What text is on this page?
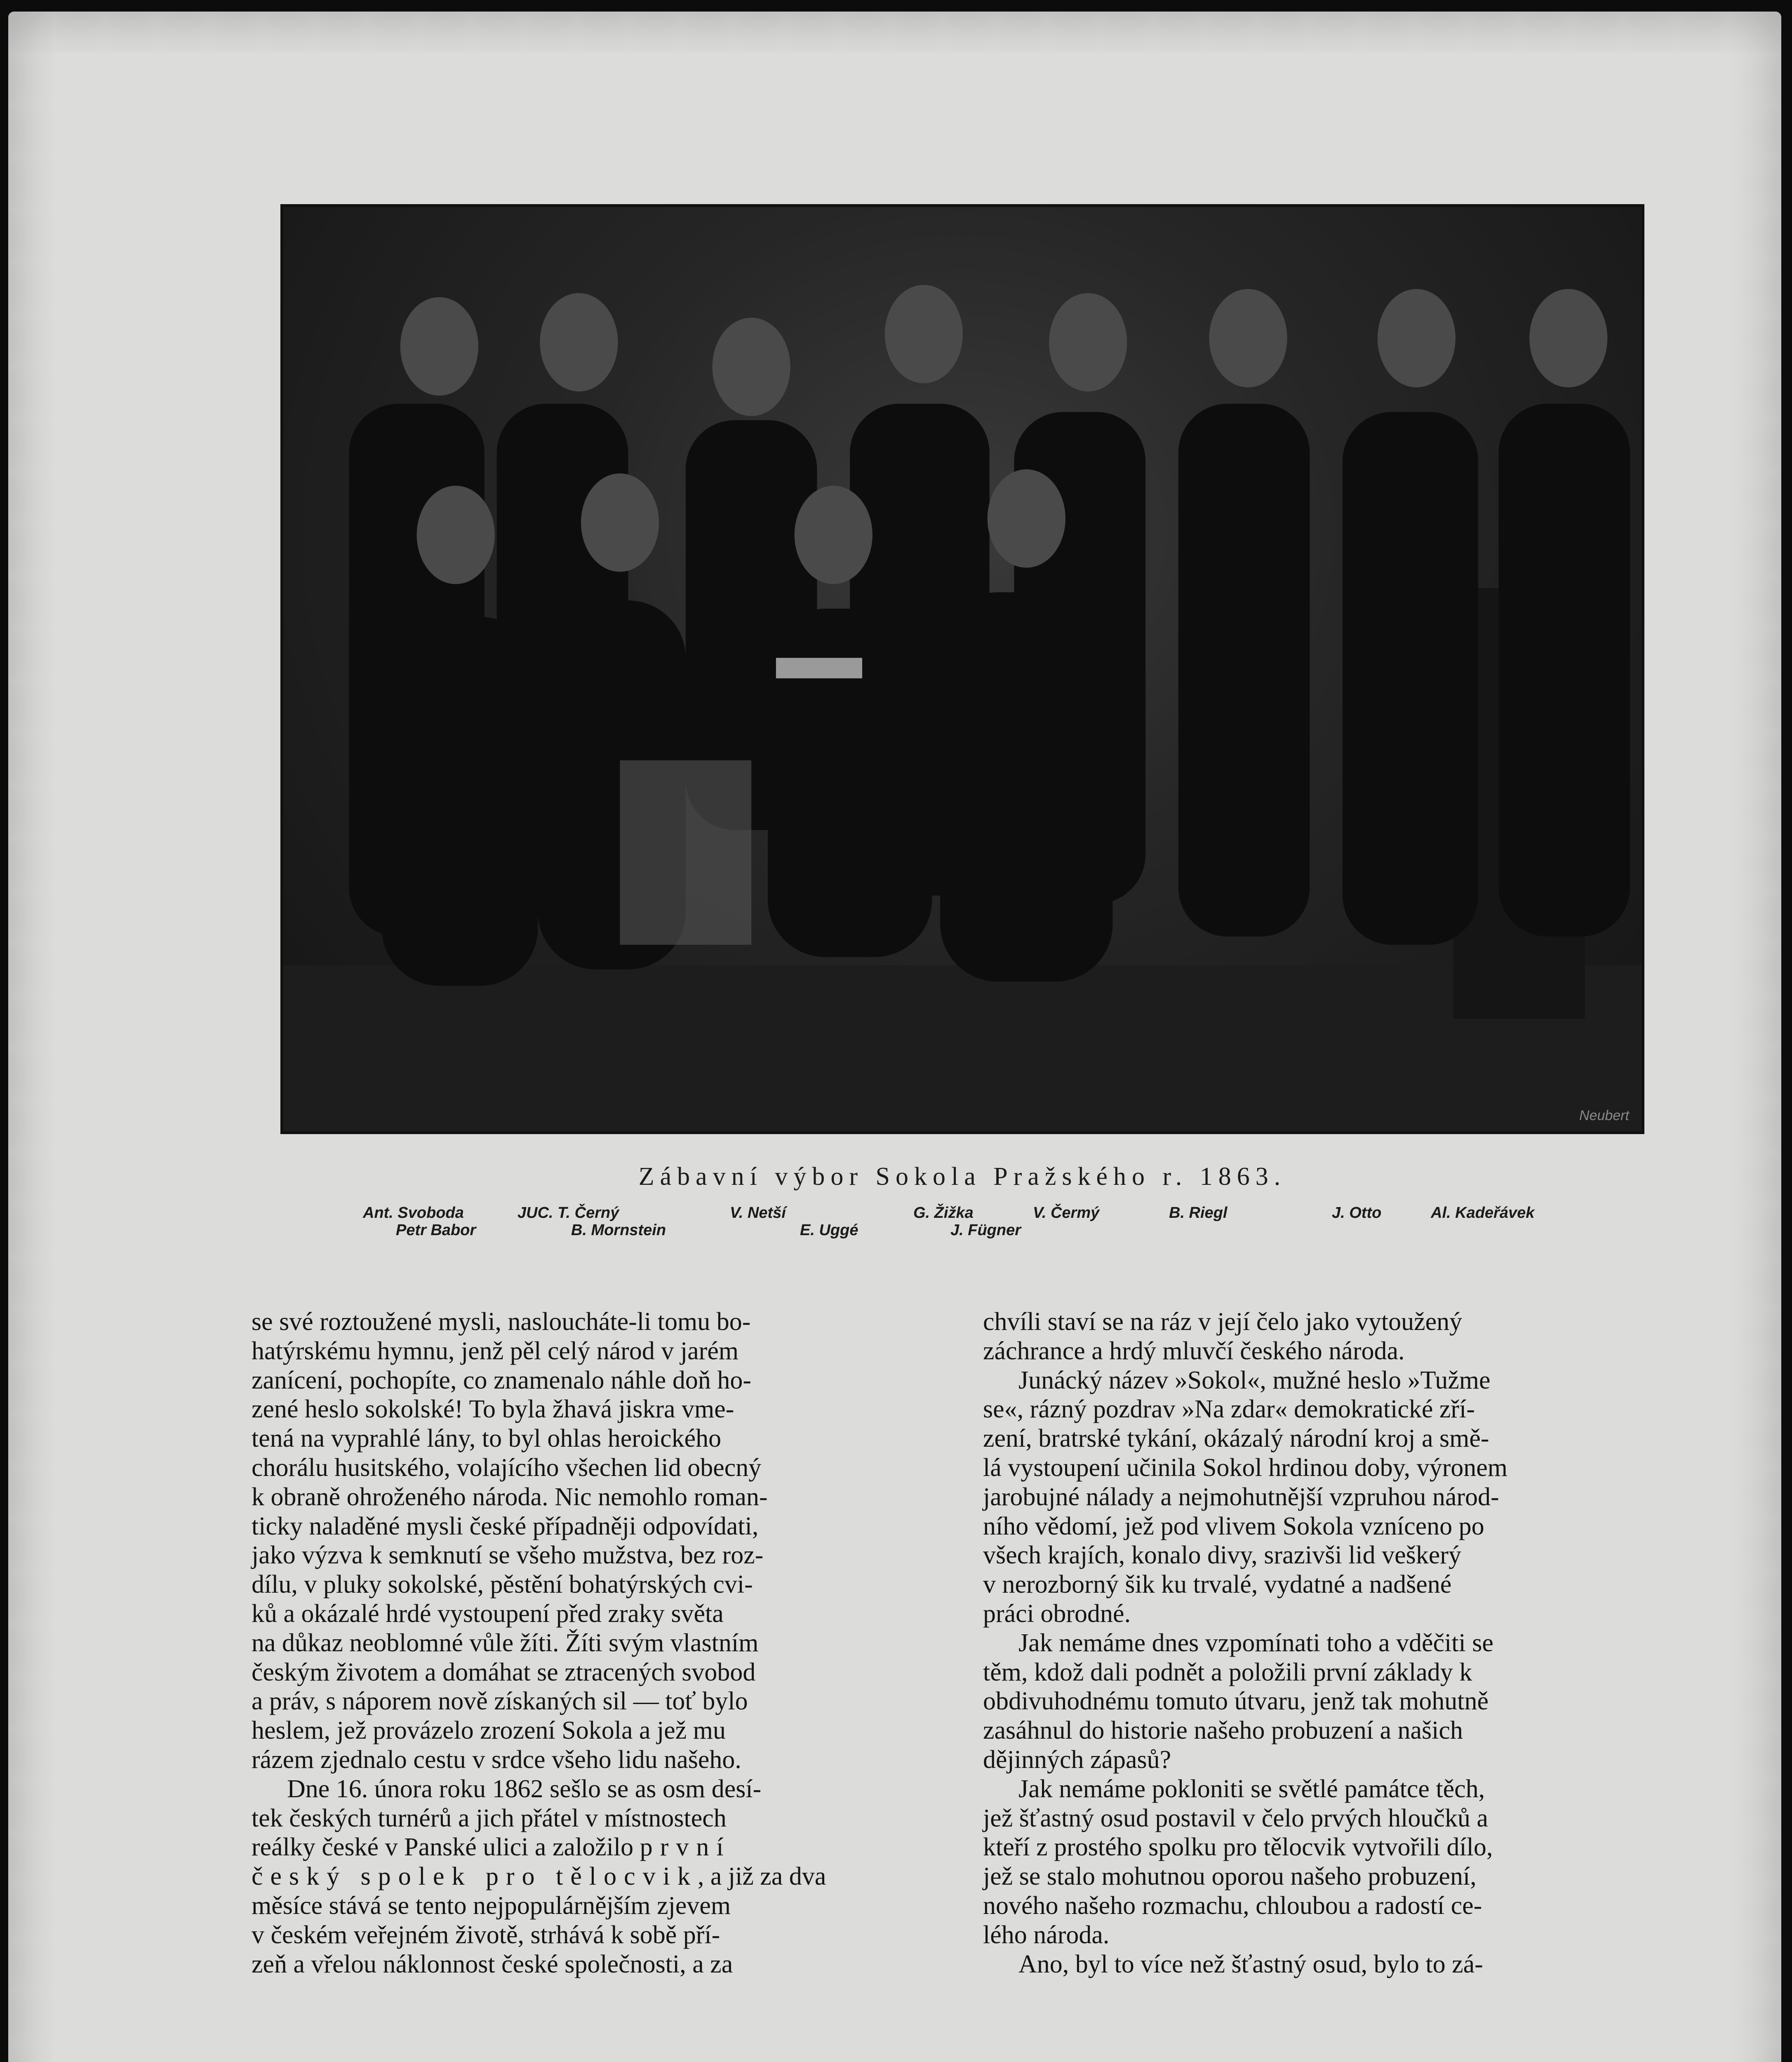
Neubert
Zábavní výbor Sokola Pražského r. 1863.
Ant. Svoboda	JUC. T. Černý	V. Netší	G. Žižka	V. Čermý	B. Riegl	J. Otto	Al. Kadeřávek
Petr Babor	B. Mornstein	E. Uggé	J. Fügner
se své roztoužené mysli, nasloucháte-li tomu bo-
hatýrskému hymnu, jenž pěl celý národ v jarém
zanícení, pochopíte, co znamenalo náhle doň ho-
zené heslo sokolské! To byla žhavá jiskra vme-
tená na vyprahlé lány, to byl ohlas heroického
chorálu husitského, volajícího všechen lid obecný
k obraně ohroženého národa. Nic nemohlo roman-
ticky naladěné mysli české případněji odpovídati,
jako výzva k semknutí se všeho mužstva, bez roz-
dílu, v pluky sokolské, pěstění bohatýrských cvi-
ků a okázalé hrdé vystoupení před zraky světa
na důkaz neoblomné vůle žíti. Žíti svým vlastním
českým životem a domáhat se ztracených svobod
a práv, s náporem nově získaných sil — toť bylo
heslem, jež provázelo zrození Sokola a jež mu
rázem zjednalo cestu v srdce všeho lidu našeho.
Dne 16. února roku 1862 sešlo se as osm desí-
tek českých turnérů a jich přátel v místnostech
reálky české v Panské ulici a založilo první
český spolek pro tělocvik, a již za dva
měsíce stává se tento nejpopulárnějším zjevem
v českém veřejném životě, strhává k sobě pří-
zeň a vřelou náklonnost české společnosti, a za
chvíli staví se na ráz v její čelo jako vytoužený
záchrance a hrdý mluvčí českého národa.
Junácký název »Sokol«, mužné heslo »Tužme
se«, rázný pozdrav »Na zdar« demokratické zří-
zení, bratrské tykání, okázalý národní kroj a smě-
lá vystoupení učinila Sokol hrdinou doby, výronem
jarobujné nálady a nejmohutnější vzpruhou národ-
ního vědomí, jež pod vlivem Sokola vzníceno po
všech krajích, konalo divy, srazivši lid veškerý
v nerozborný šik ku trvalé, vydatné a nadšené
práci obrodné.
Jak nemáme dnes vzpomínati toho a vděčiti se
těm, kdož dali podnět a položili první základy k
obdivuhodnému tomuto útvaru, jenž tak mohutně
zasáhnul do historie našeho probuzení a našich
dějinných zápasů?
Jak nemáme pokloniti se světlé památce těch,
jež šťastný osud postavil v čelo prvých hloučků a
kteří z prostého spolku pro tělocvik vytvořili dílo,
jež se stalo mohutnou oporou našeho probuzení,
nového našeho rozmachu, chloubou a radostí ce-
lého národa.
Ano, byl to více než šťastný osud, bylo to zá-
